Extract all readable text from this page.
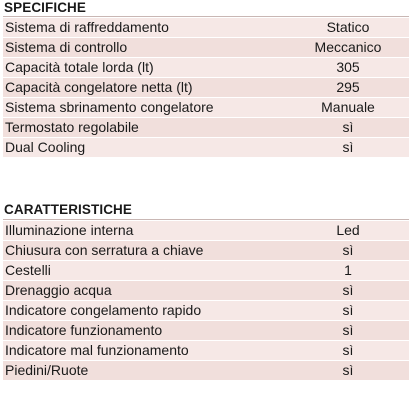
SPECIFICHE
Sistema di raffreddamento	Statico
Sistema di controllo	Meccanico
Capacità totale lorda (lt)	305
Capacità congelatore netta (lt)	295
Sistema sbrinamento congelatore	Manuale
Termostato regolabile	sì
Dual Cooling	sì
CARATTERISTICHE
Illuminazione interna	Led
Chiusura con serratura a chiave	sì
Cestelli	1
Drenaggio acqua	sì
Indicatore congelamento rapido	sì
Indicatore funzionamento	sì
Indicatore mal funzionamento	sì
Piedini/Ruote	sì
